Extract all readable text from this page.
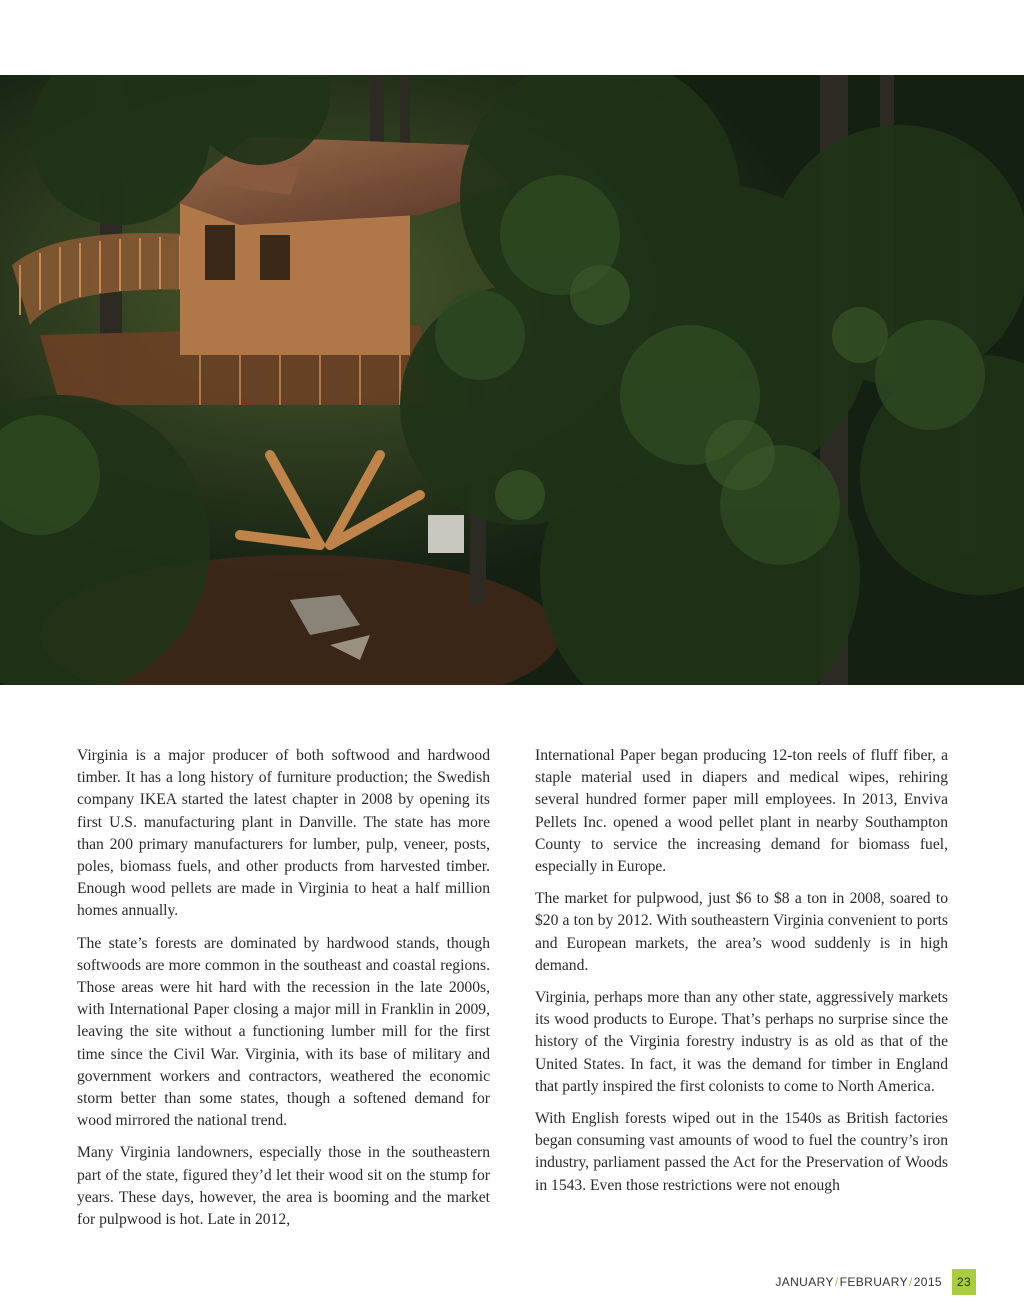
Virginia is a major producer of both softwood and hardwood timber. It has a long history of furniture production; the Swedish company IKEA started the latest chapter in 2008 by opening its first U.S. manufacturing plant in Danville. The state has more than 200 primary manufacturers for lumber, pulp, veneer, posts, poles, biomass fuels, and other products from harvested timber. Enough wood pellets are made in Virginia to heat a half million homes annually.

The state’s forests are dominated by hardwood stands, though softwoods are more common in the southeast and coastal regions. Those areas were hit hard with the recession in the late 2000s, with International Paper closing a major mill in Franklin in 2009, leaving the site without a functioning lumber mill for the first time since the Civil War. Virginia, with its base of military and government workers and contractors, weathered the economic storm better than some states, though a softened demand for wood mirrored the national trend.

Many Virginia landowners, especially those in the southeastern part of the state, figured they’d let their wood sit on the stump for years. These days, however, the area is booming and the market for pulpwood is hot. Late in 2012,

International Paper began producing 12-ton reels of fluff fiber, a staple material used in diapers and medical wipes, rehiring several hundred former paper mill employees. In 2013, Enviva Pellets Inc. opened a wood pellet plant in nearby Southampton County to service the increasing demand for biomass fuel, especially in Europe.

The market for pulpwood, just $6 to $8 a ton in 2008, soared to $20 a ton by 2012. With southeastern Virginia convenient to ports and European markets, the area’s wood suddenly is in high demand.

Virginia, perhaps more than any other state, aggressively markets its wood products to Europe. That’s perhaps no surprise since the history of the Virginia forestry industry is as old as that of the United States. In fact, it was the demand for timber in England that partly inspired the first colonists to come to North America.

With English forests wiped out in the 1540s as British factories began consuming vast amounts of wood to fuel the country’s iron industry, parliament passed the Act for the Preservation of Woods in 1543. Even those restrictions were not enough

JANUARY / FEBRUARY / 2015	23
